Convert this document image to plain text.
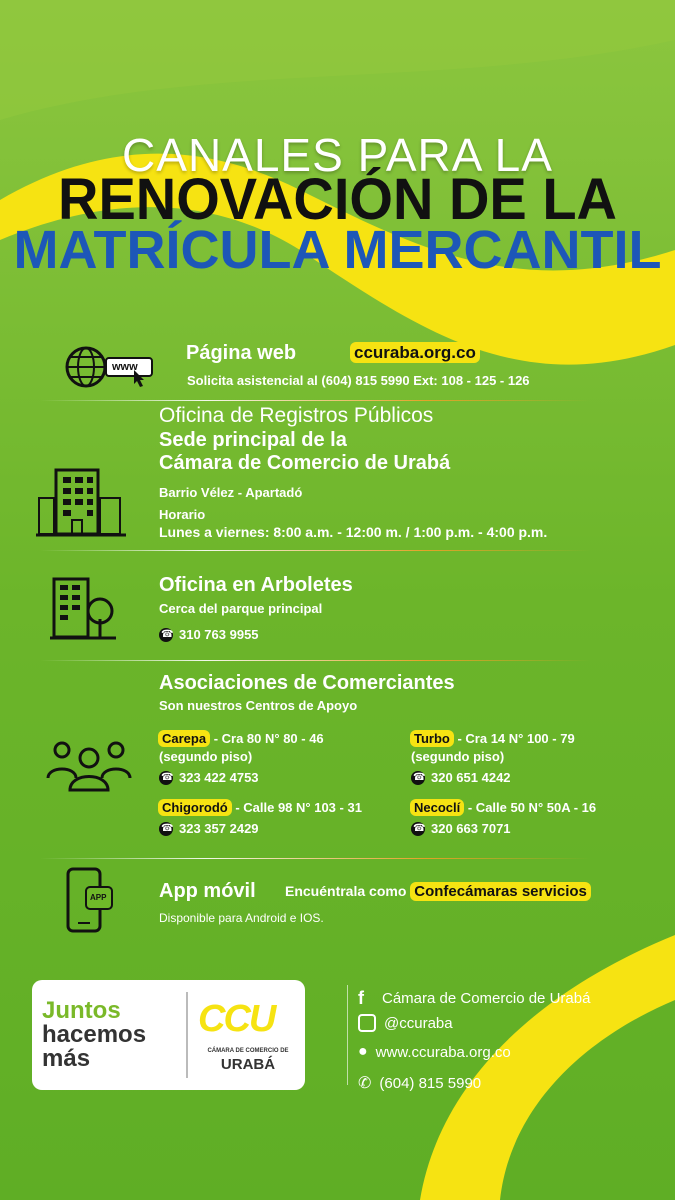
CANALES PARA LA
RENOVACIÓN DE LA
MATRÍCULA MERCANTIL
www
Página web	ccuraba.org.co
Solicita asistencial al (604) 815 5990 Ext: 108 - 125 - 126
Oficina de Registros Públicos
Sede principal de la
Cámara de Comercio de Urabá
Barrio Vélez - Apartadó
Horario
Lunes a viernes: 8:00 a.m. - 12:00 m. / 1:00 p.m. - 4:00 p.m.
Oficina en Arboletes
Cerca del parque principal
☎
310 763 9955
Asociaciones de Comerciantes
Son nuestros Centros de Apoyo
Carepa - Cra 80 N° 80 - 46
(segundo piso)
☎
323 422 4753
Turbo - Cra 14 N° 100 - 79
(segundo piso)
☎
320 651 4242
Chigorodó - Calle 98 N° 103 - 31
☎
323 357 2429
Necoclí - Calle 50 N° 50A - 16
☎
320 663 7071
APP	App móvil Encuéntrala como Confecámaras servicios
Disponible para Android e IOS.
Juntos
hacemos
más
CCU
CÁMARA DE COMERCIO DE
URABÁ
f	Cámara de Comercio de Urabá
@ccuraba
● www.ccuraba.org.co
✆ (604) 815 5990
